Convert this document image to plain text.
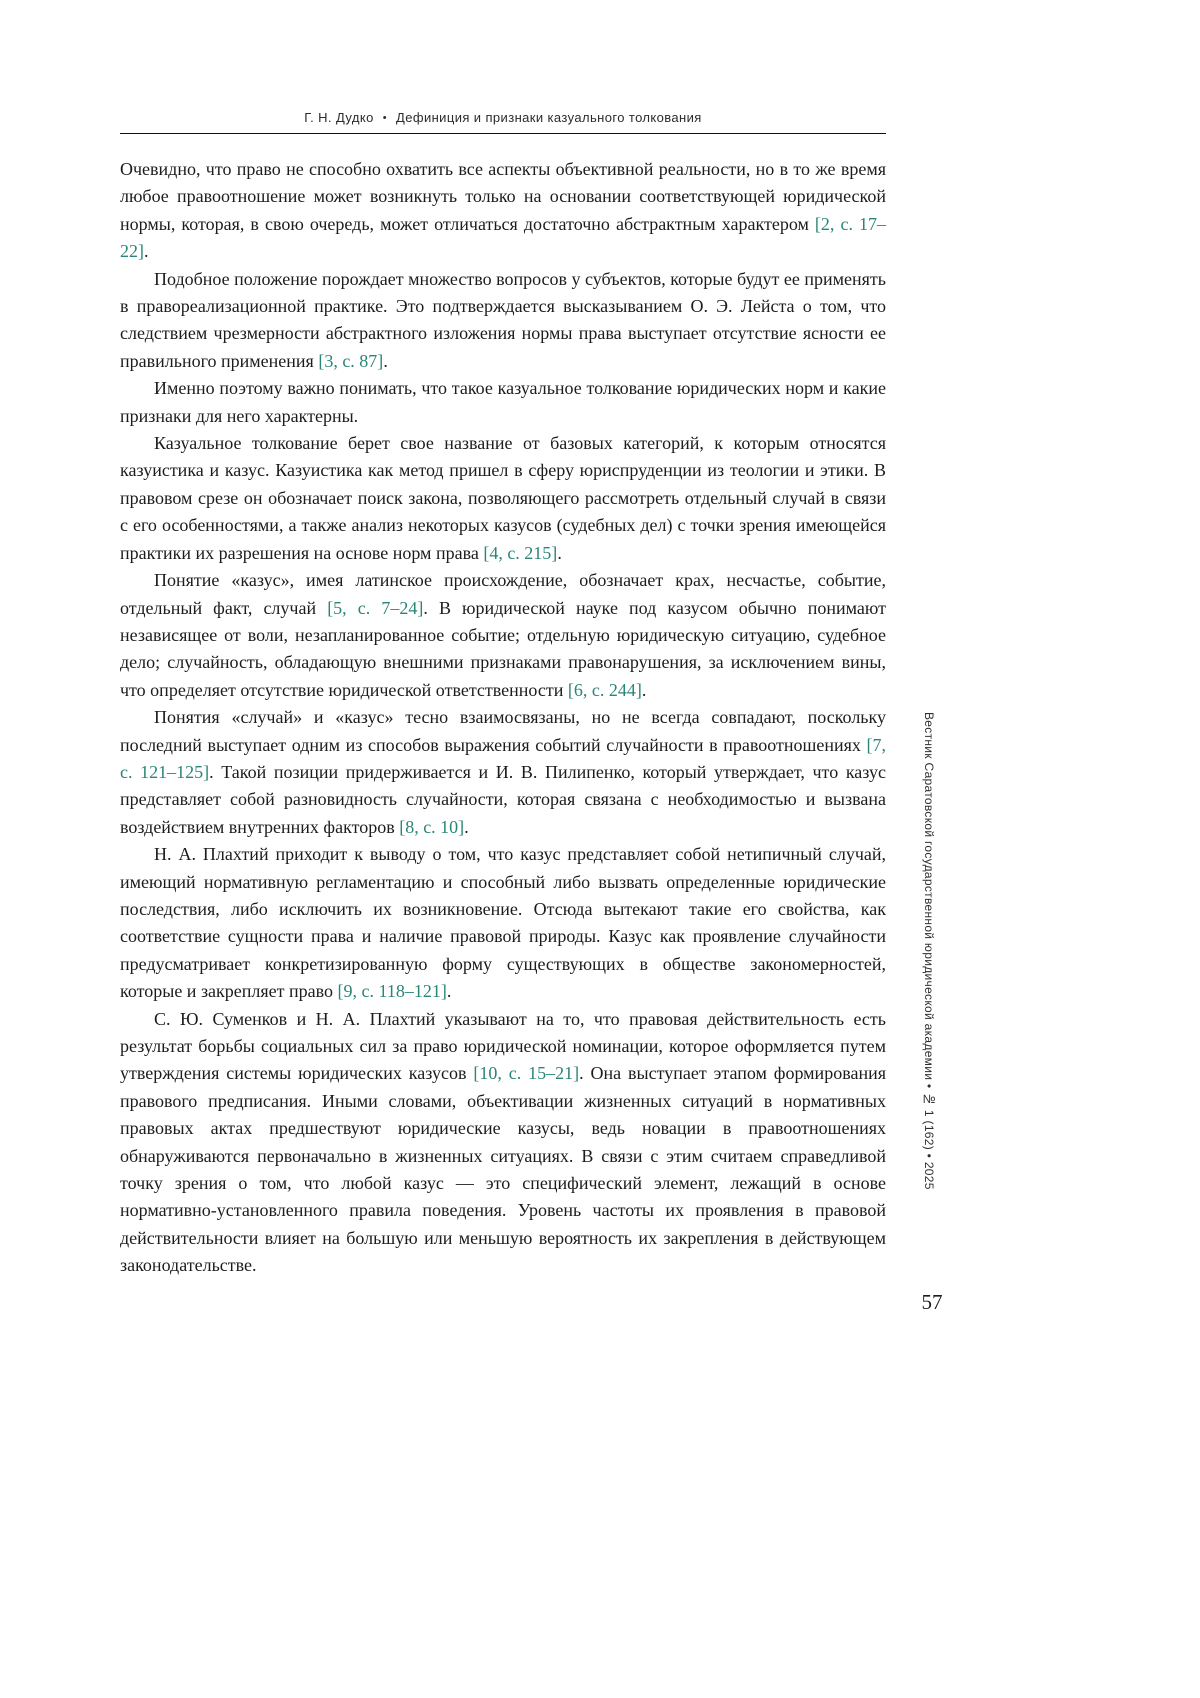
Г. Н. Дудко • Дефиниция и признаки казуального толкования

Очевидно, что право не способно охватить все аспекты объективной реальности, но в то же время любое правоотношение может возникнуть только на основании соответствующей юридической нормы, которая, в свою очередь, может отличаться достаточно абстрактным характером [2, с. 17–22].

Подобное положение порождает множество вопросов у субъектов, которые будут ее применять в правореализационной практике. Это подтверждается высказыванием О. Э. Лейста о том, что следствием чрезмерности абстрактного изложения нормы права выступает отсутствие ясности ее правильного применения [3, с. 87].

Именно поэтому важно понимать, что такое казуальное толкование юридических норм и какие признаки для него характерны.

Казуальное толкование берет свое название от базовых категорий, к которым относятся казуистика и казус. Казуистика как метод пришел в сферу юриспруденции из теологии и этики. В правовом срезе он обозначает поиск закона, позволяющего рассмотреть отдельный случай в связи с его особенностями, а также анализ некоторых казусов (судебных дел) с точки зрения имеющейся практики их разрешения на основе норм права [4, с. 215].

Понятие «казус», имея латинское происхождение, обозначает крах, несчастье, событие, отдельный факт, случай [5, с. 7–24]. В юридической науке под казусом обычно понимают независящее от воли, незапланированное событие; отдельную юридическую ситуацию, судебное дело; случайность, обладающую внешними признаками правонарушения, за исключением вины, что определяет отсутствие юридической ответственности [6, с. 244].

Понятия «случай» и «казус» тесно взаимосвязаны, но не всегда совпадают, поскольку последний выступает одним из способов выражения событий случайности в правоотношениях [7, с. 121–125]. Такой позиции придерживается и И. В. Пилипенко, который утверждает, что казус представляет собой разновидность случайности, которая связана с необходимостью и вызвана воздействием внутренних факторов [8, с. 10].

Н. А. Плахтий приходит к выводу о том, что казус представляет собой нетипичный случай, имеющий нормативную регламентацию и способный либо вызвать определенные юридические последствия, либо исключить их возникновение. Отсюда вытекают такие его свойства, как соответствие сущности права и наличие правовой природы. Казус как проявление случайности предусматривает конкретизированную форму существующих в обществе закономерностей, которые и закрепляет право [9, с. 118–121].

С. Ю. Суменков и Н. А. Плахтий указывают на то, что правовая действительность есть результат борьбы социальных сил за право юридической номинации, которое оформляется путем утверждения системы юридических казусов [10, с. 15–21]. Она выступает этапом формирования правового предписания. Иными словами, объективации жизненных ситуаций в нормативных правовых актах предшествуют юридические казусы, ведь новации в правоотношениях обнаруживаются первоначально в жизненных ситуациях. В связи с этим считаем справедливой точку зрения о том, что любой казус — это специфический элемент, лежащий в основе нормативно-установленного правила поведения. Уровень частоты их проявления в правовой действительности влияет на большую или меньшую вероятность их закрепления в действующем законодательстве.

Вестник Саратовской государственной юридической академии • № 1 (162) • 2025
57
